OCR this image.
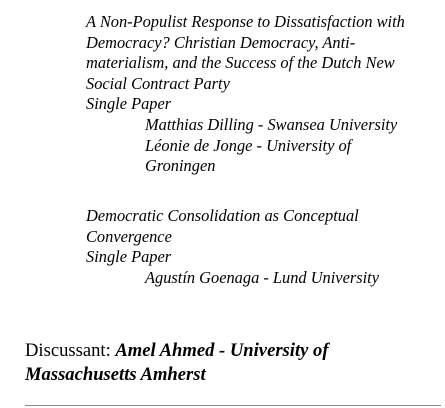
A Non-Populist Response to Dissatisfaction with
Democracy? Christian Democracy, Anti-
materialism, and the Success of the Dutch New
Social Contract Party
Single Paper
Matthias Dilling - Swansea University
Léonie de Jonge - University of
Groningen
Democratic Consolidation as Conceptual
Convergence
Single Paper
Agustín Goenaga - Lund University
Discussant: Amel Ahmed - University of
Massachusetts Amherst
